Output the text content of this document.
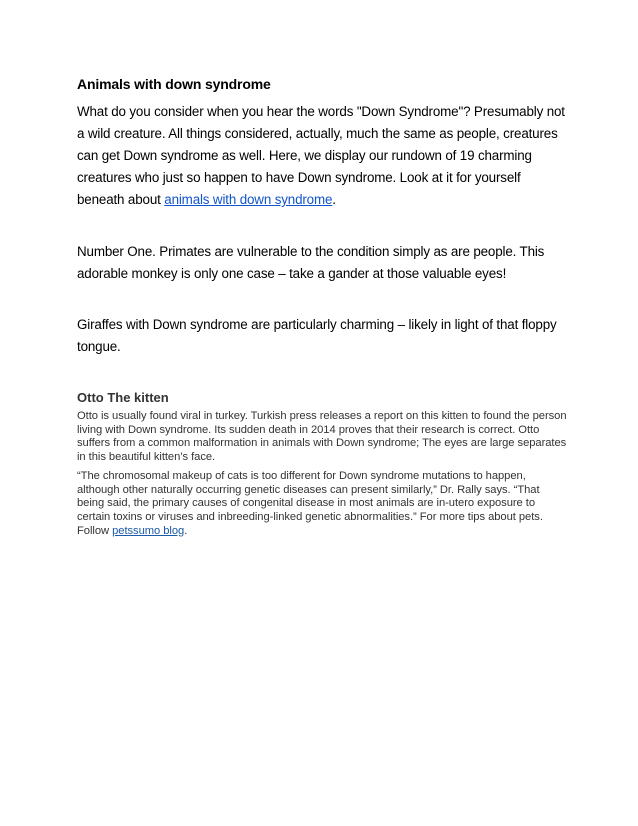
Animals with down syndrome

What do you consider when you hear the words "Down Syndrome"? Presumably not a wild creature. All things considered, actually, much the same as people, creatures can get Down syndrome as well. Here, we display our rundown of 19 charming creatures who just so happen to have Down syndrome. Look at it for yourself beneath about animals with down syndrome.

Number One. Primates are vulnerable to the condition simply as are people. This adorable monkey is only one case – take a gander at those valuable eyes!

Giraffes with Down syndrome are particularly charming – likely in light of that floppy tongue.

Otto The kitten

Otto is usually found viral in turkey. Turkish press releases a report on this kitten to found the person living with Down syndrome. Its sudden death in 2014 proves that their research is correct. Otto suffers from a common malformation in animals with Down syndrome; The eyes are large separates in this beautiful kitten’s face.

“The chromosomal makeup of cats is too different for Down syndrome mutations to happen, although other naturally occurring genetic diseases can present similarly,” Dr. Rally says. “That being said, the primary causes of congenital disease in most animals are in-utero exposure to certain toxins or viruses and inbreeding-linked genetic abnormalities.” For more tips about pets. Follow petssumo blog.
